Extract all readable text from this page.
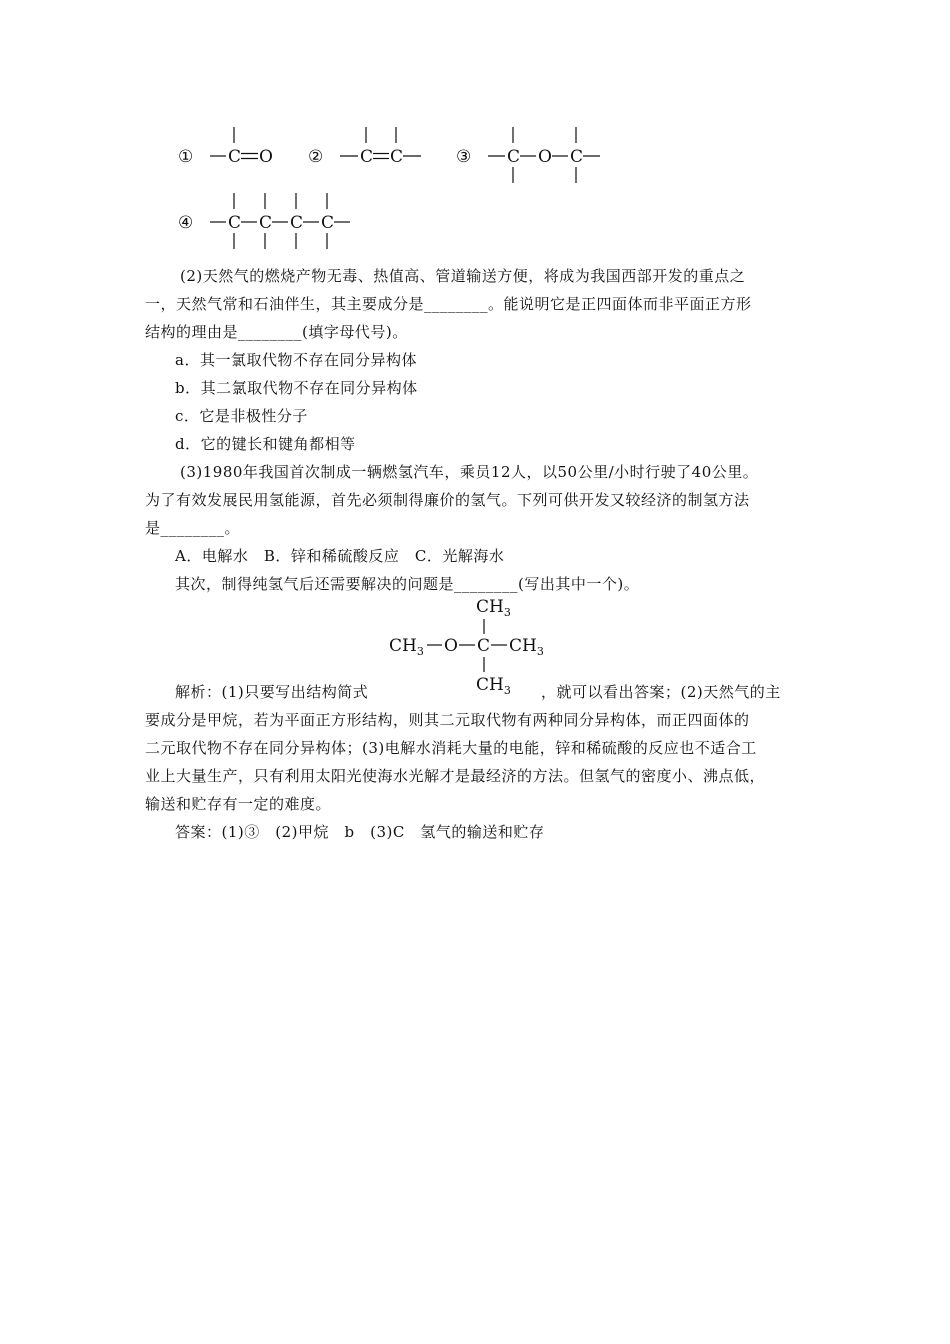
① C O ② C C	③ C O C
④ C C C C
$CH_3$
$CH_3$ O C $CH_3$
$CH_3$
(2)天然气的燃烧产物无毒、热值高、管道输送方便，将成为我国西部开发的重点之
一，天然气常和石油伴生，其主要成分是________。能说明它是正四面体而非平面正方形
结构的理由是________(填字母代号)。
a．其一氯取代物不存在同分异构体
b．其二氯取代物不存在同分异构体
c．它是非极性分子
d．它的键长和键角都相等
(3)1980年我国首次制成一辆燃氢汽车，乘员12人，以50公里/小时行驶了40公里。
为了有效发展民用氢能源，首先必须制得廉价的氢气。下列可供开发又较经济的制氢方法
是________。
A．电解水　B．锌和稀硫酸反应　C．光解海水
其次，制得纯氢气后还需要解决的问题是________(写出其中一个)。
解析：(1)只要写出结构简式	，就可以看出答案；(2)天然气的主
要成分是甲烷，若为平面正方形结构，则其二元取代物有两种同分异构体，而正四面体的
二元取代物不存在同分异构体；(3)电解水消耗大量的电能，锌和稀硫酸的反应也不适合工
业上大量生产，只有利用太阳光使海水光解才是最经济的方法。但氢气的密度小、沸点低，
输送和贮存有一定的难度。
答案：(1)③　(2)甲烷　b　(3)C　氢气的输送和贮存
